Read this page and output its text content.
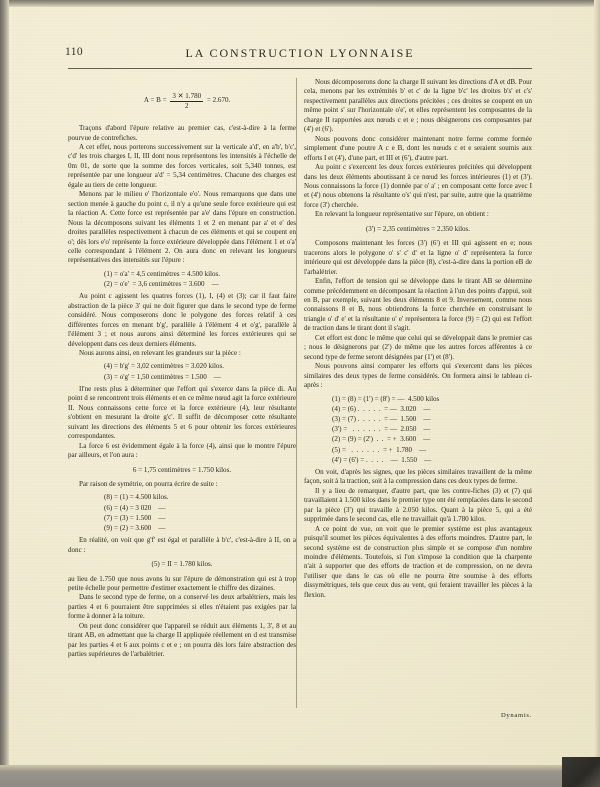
LA CONSTRUCTION LYONNAISE
110

$A = B = \frac{3 ✕ 1.780}{2} = 2.670$.

Traçons d'abord l'épure relative au premier cas, c'est-à-dire à la ferme pourvue de contrefiches.

A cet effet, nous porterons successivement sur la verticale a'd', en a'b', b'c', c'd' les trois charges I, II, III dont nous représentons les intensités à l'échelle de 0m 01, de sorte que la somme des forces verticales, soit 5,340 tonnes, est représentée par une longueur a'd' = 5,34 centimètres. Chacune des charges est égale au tiers de cette longueur.

Menons par le milieu e' l'horizontale e'o'. Nous remarquons que dans une section menée à gauche du point c, il n'y a qu'une seule force extérieure qui est la réaction A. Cette force est représentée par a'e' dans l'épure en construction. Nous la décomposons suivant les éléments 1 et 2 en menant par a' et e' des droites parallèles respectivement à chacun de ces éléments et qui se coupent en o'; dès lors e'o' représente la force extérieure développée dans l'élément 1 et o'a' celle correspondant à l'élément 2. On aura donc en relevant les longueurs représentatives des intensités sur l'épure :

(1) = o'a' = 4,5 centimètres = 4.500 kilos.
(2) = o'e'  = 3,6 centimètres = 3.600    —

Au point c agissent les quatres forces (1), I, (4) et (3); car il faut faire abstraction de la pièce 3' qui ne doit figurer que dans le second type de ferme considéré. Nous composerons donc le polygone des forces relatif à ces différentes forces en menant b'g', parallèle à l'élément 4 et o'g', parallèle à l'élément 3 ; et nous aurons ainsi déterminé les forces extérieures qui se développent dans ces deux derniers éléments.

Nous aurons ainsi, en relevant les grandeurs sur la pièce :

(4) = b'g' = 3,02 centimètres = 3.020 kilos.
(3) = o'g' = 1,50 centimètres = 1.500    —

Il'ne rests plus à déterminer que l'effort qui s'exerce dans la pièce di. Au point d se rencontrent trois éléments et en ce même nœud agit la force extérieure II. Nous connaissons cette force et la force extérieure (4), leur résultante s'obtient en mesurant la droite g'c'. Il suffit de décomposer cette résultante suivant les directions des éléments 5 et 6 pour obtenir les forces extérieures correspondantes.

La force 6 est évidemment égale à la force (4), ainsi que le montre l'épure par ailleurs, et l'on aura :

6 = 1,75 centimètres = 1.750 kilos.

Par raison de symétrie, on pourra écrire de suite :

(8) = (1) = 4.500 kilos.
(6) = (4) = 3 020    —
(7) = (3) = 1.500    —
(9) = (2) = 3.600    —

En réalité, on voit que g'f' est égal et parallèle à b'c', c'est-à-dire à II, on a donc :

(5) = II = 1.780 kilos.

au lieu de 1.750 que nous avons lu sur l'épure de démonstration qui est à trop petite échelle pour permettre d'estimer exactement le chiffre des dizaines.

Dans le second type de ferme, on a conservé les deux arbalétriers, mais les parties 4 et 6 pourraient être supprimées si elles n'étaient pas exigées par la forme à donner à la toiture.

On peut donc considérer que l'appareil se réduit aux éléments 1, 3', 8 et au tirant AB, en admettant que la charge II appliquée réellement en d est transmise par les parties 4 et 6 aux points c et e ; on pourra dès lors faire abstraction des parties supérieures de l'arbalétrier.

Nous décomposerons donc la charge II suivant les directions d'A et dB. Pour cela, menons par les extrémités b' et c' de la ligne b'c' les droites b's' et c's' respectivement parallèles aux directions précitées ; ces droites se coupent en un même point s' sur l'horizontale o'e', et elles représentent les composantes de la charge II rapportées aux nœuds c et e ; nous désignerons ces composantes par (4') et (6').

Nous pouvons donc considérer maintenant notre ferme comme formée simplement d'une poutre A c e B, dont les nœuds c et e seraient soumis aux efforts I et (4'), d'une part, et III et (6'), d'autre part.

Au point c s'exercent les deux forces extérieures précitées qui développent dans les deux éléments aboutissant à ce nœud les forces intérieures (1) et (3'). Nous connaissons la force (1) donnée par o' a' ; en composant cette force avec I et (4') nous obtenons la résultante o's' qui n'est, par suite, autre que la quatrième force (3') cherchée.

En relevant la longueur représentative sur l'épure, on obtient :

(3') = 2,35 centimètres = 2.350 kilos.

Composons maintenant les forces (3') (6') et III qui agissent en e; nous tracerons alors le polygone o' s' c' d' et la ligne o' d' représentera la force intérieure qui est développée dans la pièce (8), c'est-à-dire dans la portion eB de l'arbalétrier.

Enfin, l'effort de tension qui se développe dans le tirant AB se détermine comme précédemment en décomposant la réaction à l'un des points d'appui, soit en B, par exemple, suivant les deux éléments 8 et 9. Inversement, comme nous connaissons 8 et B, nous obtiendrons la force cherchée en construisant le triangle o' d' e' et la résultante o' e' représentera la force (9) = (2) qui est l'effort de traction dans le tirant dont il s'agit.

Cet effort est donc le même que celui qui se développait dans le premier cas ; nous le désignerons par (2') de même que les autres forces afférentes à ce second type de ferme seront désignées par (1') et (8').

Nous pouvons ainsi comparer les efforts qui s'exercent dans les pièces similaires des deux types de ferme considérés. On formera ainsi le tableau ci-après :

(1) = (8) = (1') = (8') = —  4.500 kilos
(4) = (6) .  .  .  .  .  = —  3.020    —
(3) = (7) .  .  .  .  .  = —  1.500    —
(3') =   .  .  .  .  .  .  = —  2.050    —
(2) = (9) = (2')  .  .  = +  3.600    —
(5) =   .  .  .  .  .  .  = +  1.780    —
(4') = (6') = .  .  .  .    —  1.550    —

On voit, d'après les signes, que les pièces similaires travaillent de la même façon, soit à la traction, soit à la compression dans ces deux types de ferme.

Il y a lieu de remarquer, d'autre part, que les contre-fiches (3) et (7) qui travaillaient à 1.500 kilos dans le premier type ont été remplacées dans le second par la pièce (3') qui travaille à 2.050 kilos. Quant à la pièce 5, qui a été supprimée dans le second cas, elle ne travaillait qu'à 1.780 kilos.

A ce point de vue, on voit que le premier système est plus avantageux puisqu'il soumet les pièces équivalentes à des efforts moindres. D'autre part, le second système est de construction plus simple et se compose d'un nombre moindre d'éléments. Toutefois, si l'on s'impose la condition que la charpente n'ait à supporter que des efforts de traction et de compression, on ne devra l'utiliser que dans le cas où elle ne pourra être soumise à des efforts dissymétriques, tels que ceux dus au vent, qui feraient travailler les pièces à la flexion.

Dynamis.
